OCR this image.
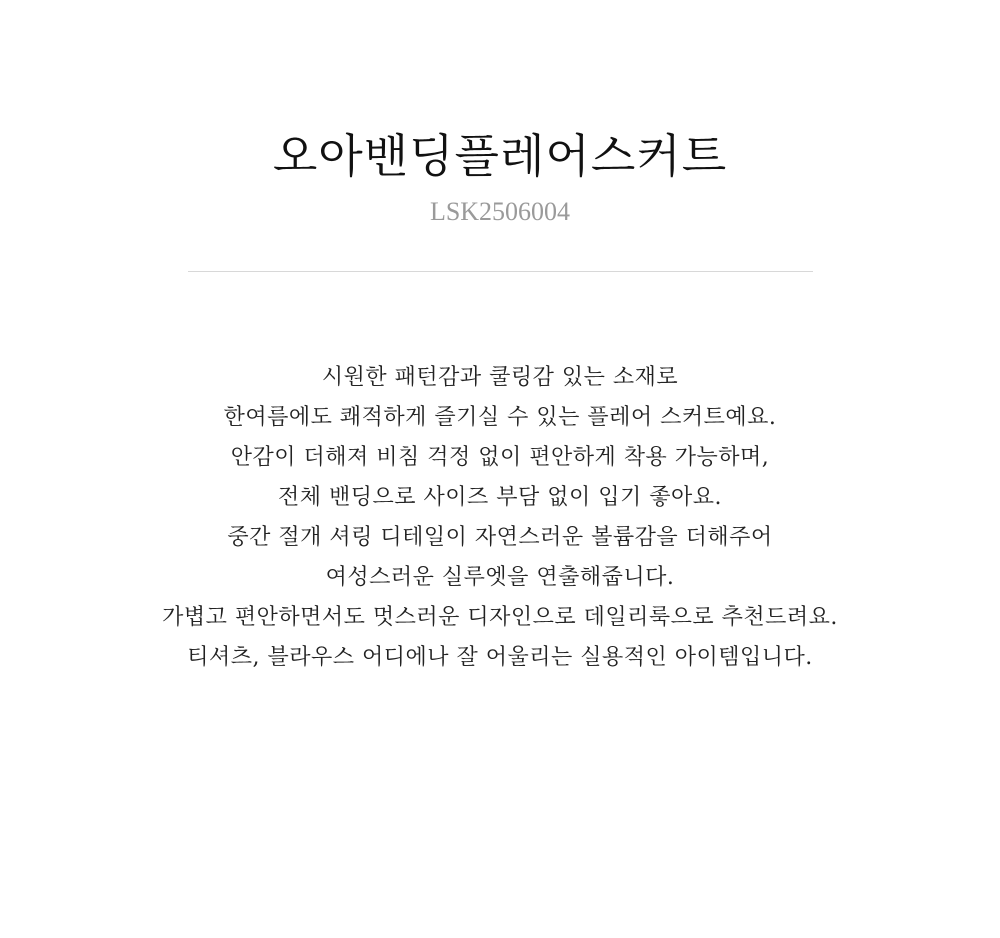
오아밴딩플레어스커트
LSK2506004
시원한 패턴감과 쿨링감 있는 소재로
한여름에도 쾌적하게 즐기실 수 있는 플레어 스커트예요.
안감이 더해져 비침 걱정 없이 편안하게 착용 가능하며,
전체 밴딩으로 사이즈 부담 없이 입기 좋아요.
중간 절개 셔링 디테일이 자연스러운 볼륨감을 더해주어
여성스러운 실루엣을 연출해줍니다.
가볍고 편안하면서도 멋스러운 디자인으로 데일리룩으로 추천드려요.
티셔츠, 블라우스 어디에나 잘 어울리는 실용적인 아이템입니다.
